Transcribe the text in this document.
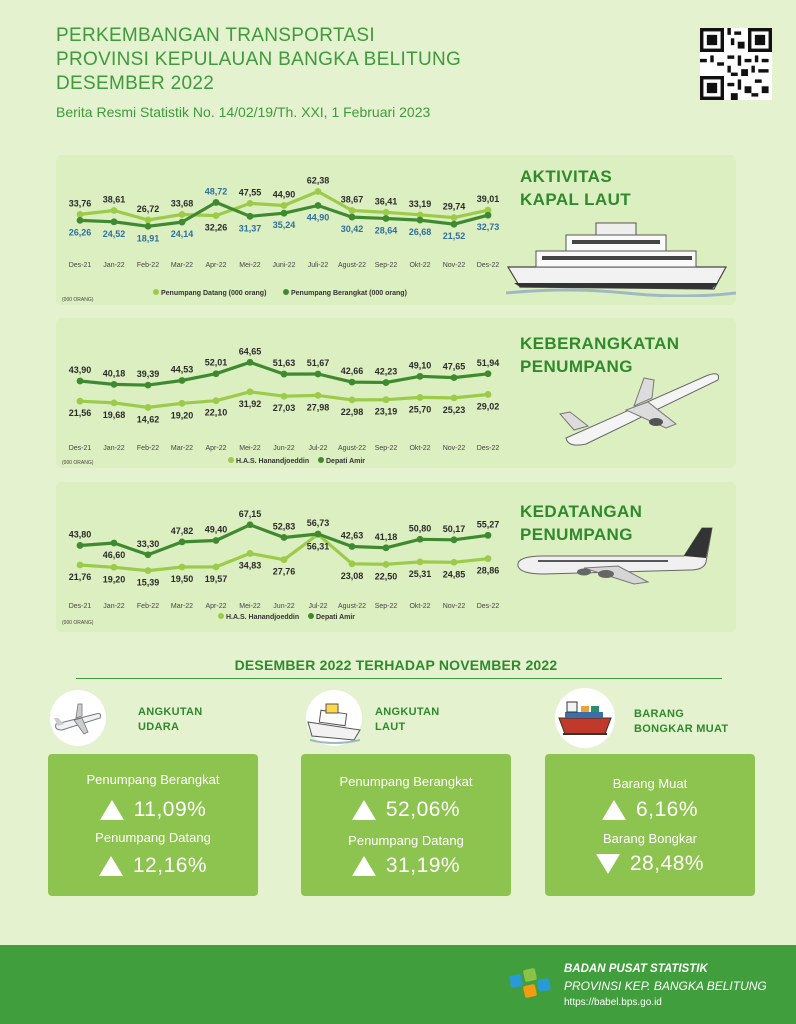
PERKEMBANGAN TRANSPORTASI
PROVINSI KEPULAUAN BANGKA BELITUNG
DESEMBER 2022
Berita Resmi Statistik No. 14/02/19/Th. XXI, 1 Februari 2023
33,76 38,61
26,72
33,68
32,26
47,55 44,90
62,38
38,67 36,41 33,19 29,74
39,01
26,26 24,52 18,91 24,14
48,72
31,37 35,24
44,90
30,42 28,64 26,68 21,52
32,73
Des-21 Jan-22 Feb-22 Mar-22 Apr-22 Mei-22 Juni-22 Juli-22 Agust-22 Sep-22 Okt-22 Nov-22 Des-22
(000 ORANG)
Penumpang Datang (000 orang)	Penumpang Berangkat (000 orang)
AKTIVITAS
KAPAL LAUT
21,56 19,68 14,62 19,20 22,10
31,92 27,03 27,98 22,98 23,19 25,70 25,23 29,02
43,90 40,18 39,39 44,53
52,01
64,65
51,63 51,67
42,66 42,23
49,10 47,65 51,94
Des-21 Jan-22 Feb-22 Mar-22 Apr-22 Mei-22 Jun-22 Jul-22 Agust-22 Sep-22 Okt-22 Nov-22 Des-22
(000 ORANG)	H.A.S. Hanandjoeddin Depati Amir
KEBERANGKATAN
PENUMPANG
21,76 19,20 15,39 19,50 19,57
34,83
27,76
56,31
23,08 22,50 25,31 24,85 28,86
43,80
46,60
33,30
47,82 49,40
67,15
52,83 56,73
42,63 41,18
50,80 50,17 55,27
Des-21 Jan-22 Feb-22 Mar-22 Apr-22 Mei-22 Jun-22 Jul-22 Agust-22 Sep-22 Okt-22 Nov-22 Des-22
(000 ORANG)
H.A.S. Hanandjoeddin Depati Amir
KEDATANGAN
PENUMPANG
DESEMBER 2022 TERHADAP NOVEMBER 2022
ANGKUTAN
UDARA
ANGKUTAN
LAUT
BARANG
BONGKAR MUAT
Penumpang Berangkat
11,09%
Penumpang Datang
12,16%
Penumpang Berangkat
52,06%
Penumpang Datang
31,19%
Barang Muat
6,16%
Barang Bongkar
28,48%
BADAN PUSAT STATISTIK
PROVINSI KEP. BANGKA BELITUNG
https://babel.bps.go.id
